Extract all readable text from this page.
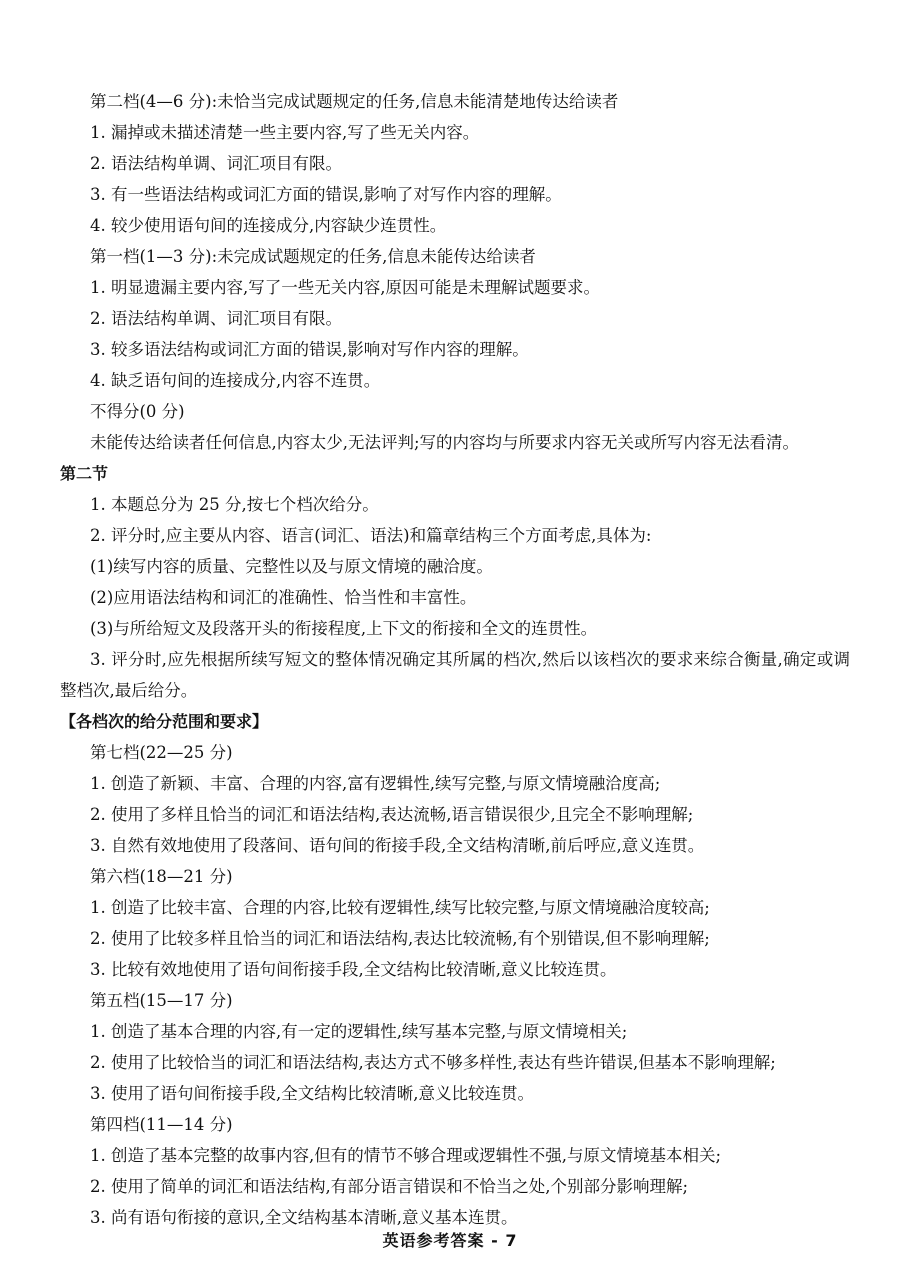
第二档(4—6 分):未恰当完成试题规定的任务,信息未能清楚地传达给读者
1. 漏掉或未描述清楚一些主要内容,写了些无关内容。
2. 语法结构单调、词汇项目有限。
3. 有一些语法结构或词汇方面的错误,影响了对写作内容的理解。
4. 较少使用语句间的连接成分,内容缺少连贯性。
第一档(1—3 分):未完成试题规定的任务,信息未能传达给读者
1. 明显遗漏主要内容,写了一些无关内容,原因可能是未理解试题要求。
2. 语法结构单调、词汇项目有限。
3. 较多语法结构或词汇方面的错误,影响对写作内容的理解。
4. 缺乏语句间的连接成分,内容不连贯。
不得分(0 分)
未能传达给读者任何信息,内容太少,无法评判;写的内容均与所要求内容无关或所写内容无法看清。
第二节
1. 本题总分为 25 分,按七个档次给分。
2. 评分时,应主要从内容、语言(词汇、语法)和篇章结构三个方面考虑,具体为:
(1)续写内容的质量、完整性以及与原文情境的融洽度。
(2)应用语法结构和词汇的准确性、恰当性和丰富性。
(3)与所给短文及段落开头的衔接程度,上下文的衔接和全文的连贯性。
3. 评分时,应先根据所续写短文的整体情况确定其所属的档次,然后以该档次的要求来综合衡量,确定或调整档次,最后给分。
【各档次的给分范围和要求】
第七档(22—25 分)
1. 创造了新颖、丰富、合理的内容,富有逻辑性,续写完整,与原文情境融洽度高;
2. 使用了多样且恰当的词汇和语法结构,表达流畅,语言错误很少,且完全不影响理解;
3. 自然有效地使用了段落间、语句间的衔接手段,全文结构清晰,前后呼应,意义连贯。
第六档(18—21 分)
1. 创造了比较丰富、合理的内容,比较有逻辑性,续写比较完整,与原文情境融洽度较高;
2. 使用了比较多样且恰当的词汇和语法结构,表达比较流畅,有个别错误,但不影响理解;
3. 比较有效地使用了语句间衔接手段,全文结构比较清晰,意义比较连贯。
第五档(15—17 分)
1. 创造了基本合理的内容,有一定的逻辑性,续写基本完整,与原文情境相关;
2. 使用了比较恰当的词汇和语法结构,表达方式不够多样性,表达有些许错误,但基本不影响理解;
3. 使用了语句间衔接手段,全文结构比较清晰,意义比较连贯。
第四档(11—14 分)
1. 创造了基本完整的故事内容,但有的情节不够合理或逻辑性不强,与原文情境基本相关;
2. 使用了简单的词汇和语法结构,有部分语言错误和不恰当之处,个别部分影响理解;
3. 尚有语句衔接的意识,全文结构基本清晰,意义基本连贯。
英语参考答案 - 7
